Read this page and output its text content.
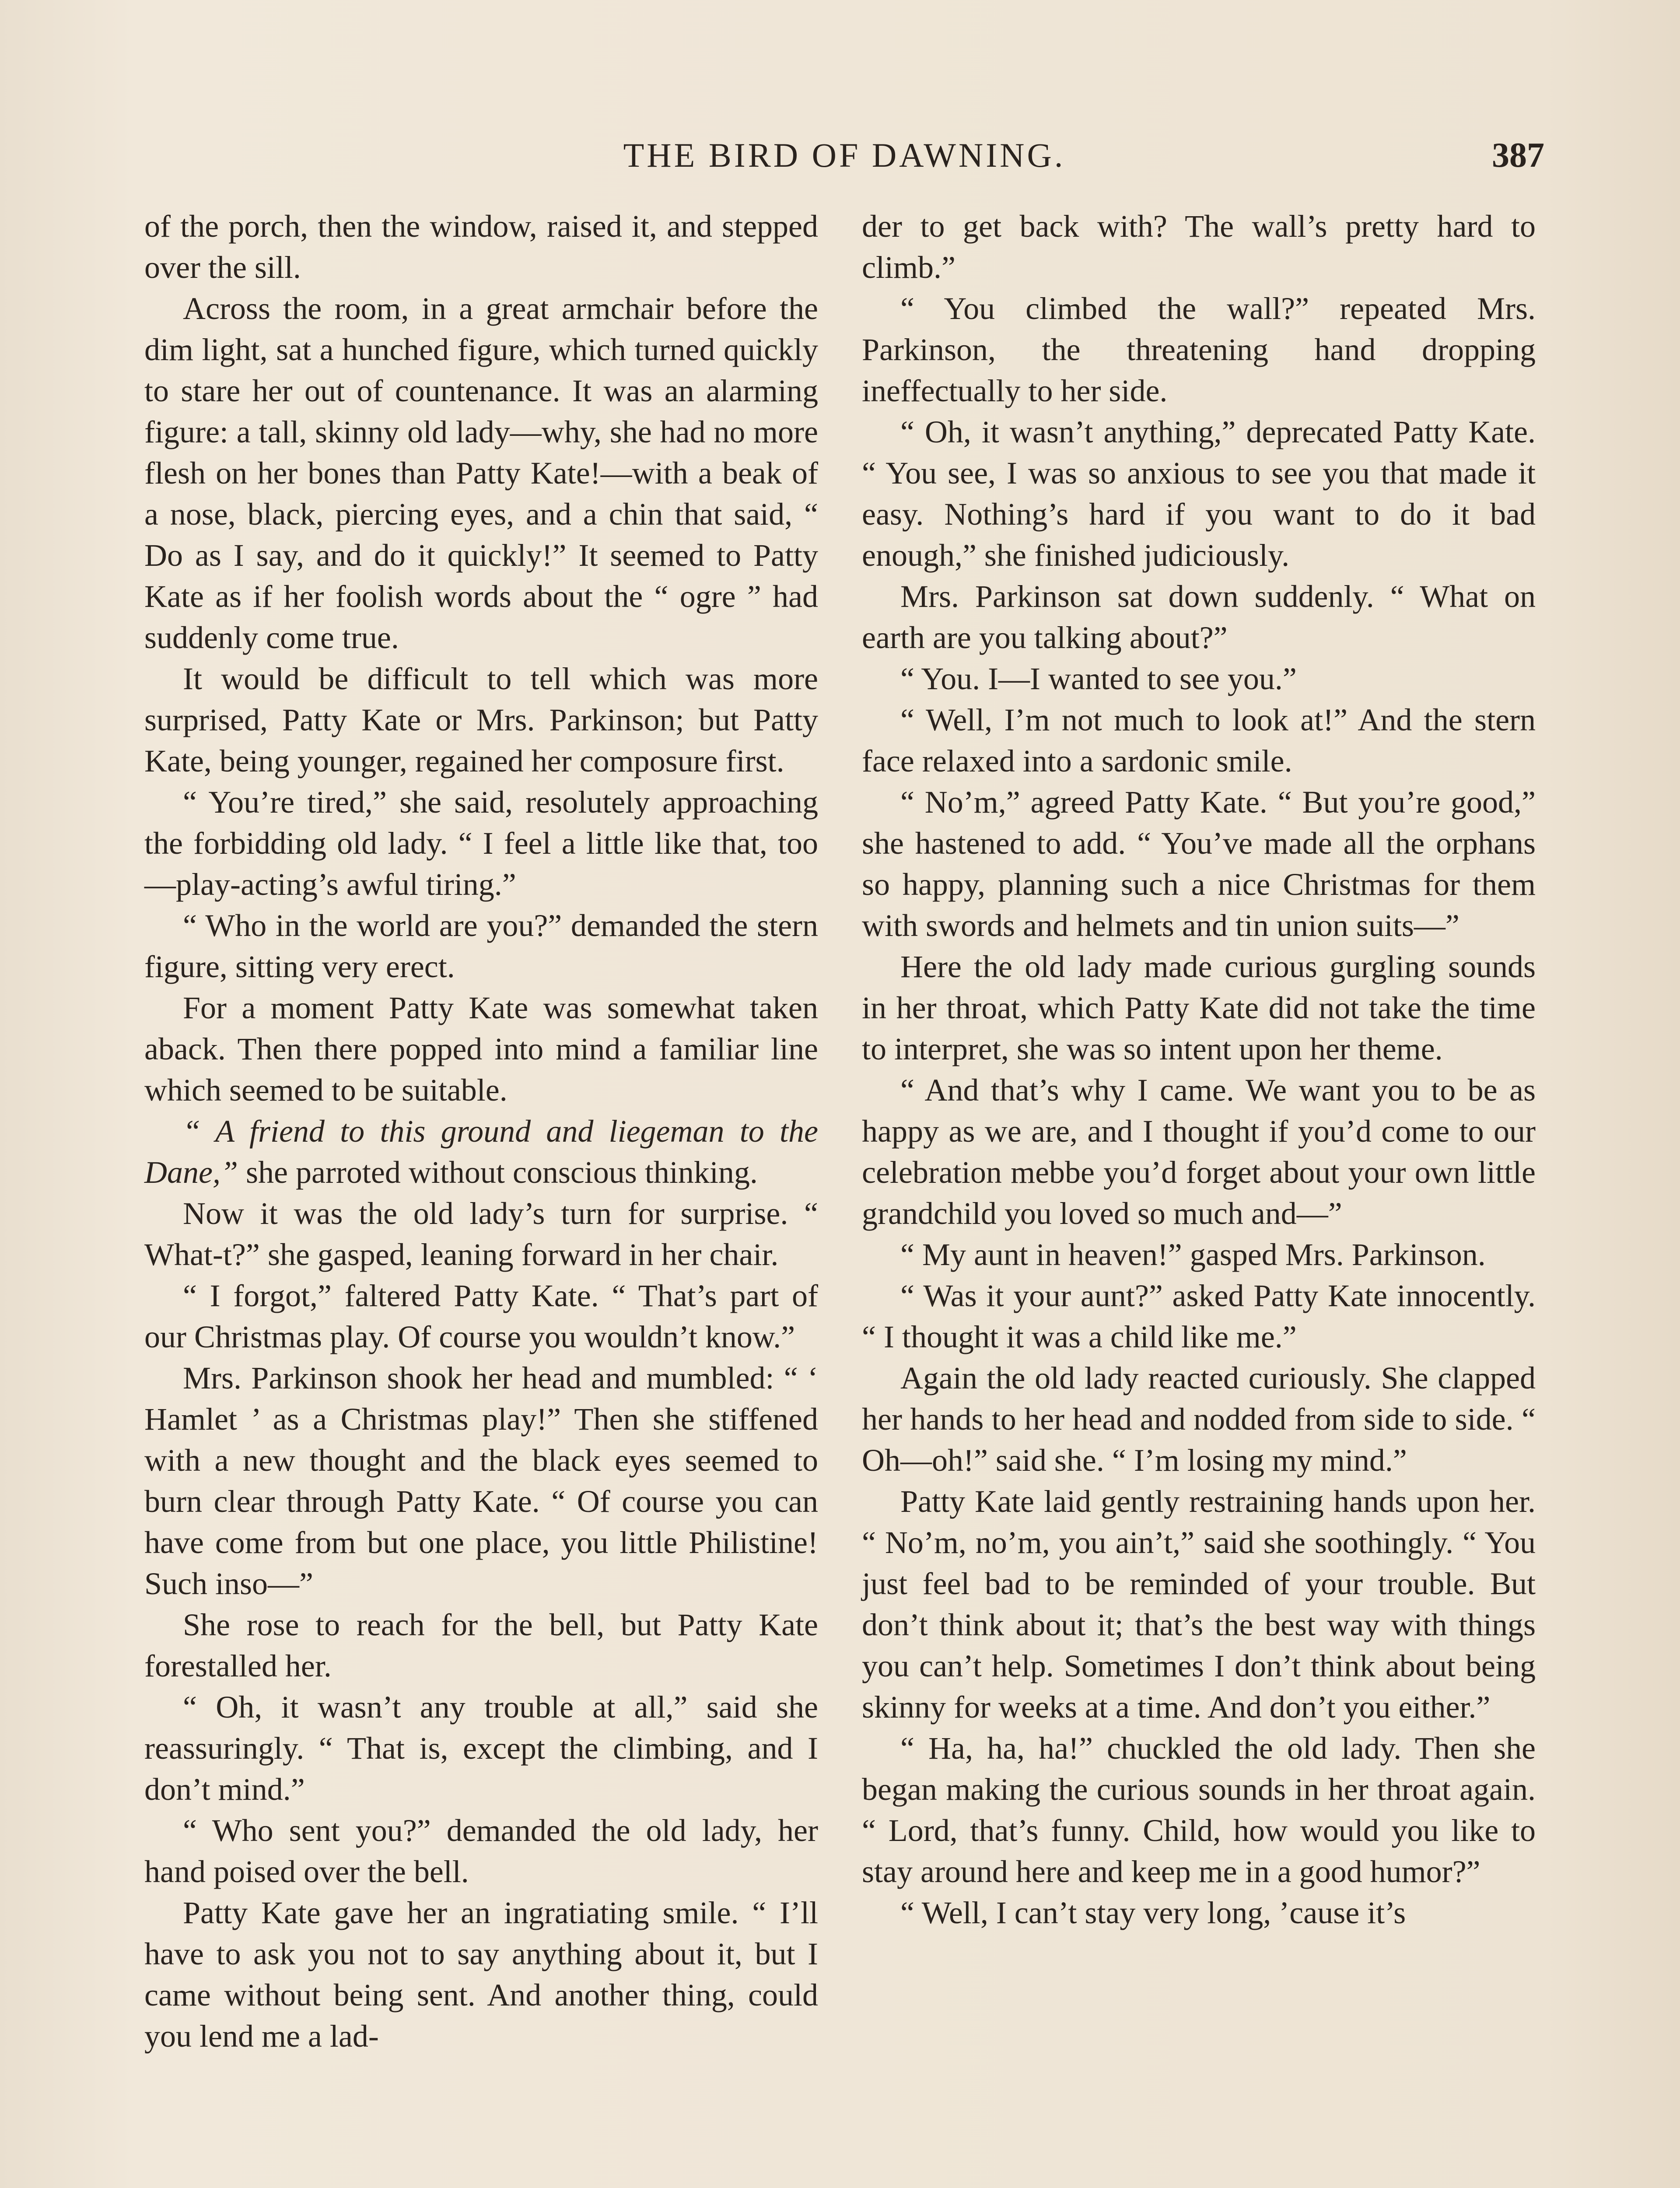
THE BIRD OF DAWNING.	387

of the porch, then the window, raised it, and stepped over the sill.

Across the room, in a great armchair before the dim light, sat a hunched figure, which turned quickly to stare her out of countenance. It was an alarming figure: a tall, skinny old lady—why, she had no more flesh on her bones than Patty Kate!—with a beak of a nose, black, piercing eyes, and a chin that said, “ Do as I say, and do it quickly!” It seemed to Patty Kate as if her foolish words about the “ ogre ” had suddenly come true.

It would be difficult to tell which was more surprised, Patty Kate or Mrs. Parkinson; but Patty Kate, being younger, regained her composure first.

“ You’re tired,” she said, resolutely approaching the forbidding old lady. “ I feel a little like that, too—play-acting’s awful tiring.”

“ Who in the world are you?” demanded the stern figure, sitting very erect.

For a moment Patty Kate was somewhat taken aback. Then there popped into mind a familiar line which seemed to be suitable.

“ A friend to this ground and liegeman to the Dane,” she parroted without conscious thinking.

Now it was the old lady’s turn for surprise. “ What-t?” she gasped, leaning forward in her chair.

“ I forgot,” faltered Patty Kate. “ That’s part of our Christmas play. Of course you wouldn’t know.”

Mrs. Parkinson shook her head and mumbled: “ ‘ Hamlet ’ as a Christmas play!” Then she stiffened with a new thought and the black eyes seemed to burn clear through Patty Kate. “ Of course you can have come from but one place, you little Philistine! Such inso—”

She rose to reach for the bell, but Patty Kate forestalled her.

“ Oh, it wasn’t any trouble at all,” said she reassuringly. “ That is, except the climbing, and I don’t mind.”

“ Who sent you?” demanded the old lady, her hand poised over the bell.

Patty Kate gave her an ingratiating smile. “ I’ll have to ask you not to say anything about it, but I came without being sent. And another thing, could you lend me a lad-

der to get back with? The wall’s pretty hard to climb.”

“ You climbed the wall?” repeated Mrs. Parkinson, the threatening hand dropping ineffectually to her side.

“ Oh, it wasn’t anything,” deprecated Patty Kate. “ You see, I was so anxious to see you that made it easy. Nothing’s hard if you want to do it bad enough,” she finished judiciously.

Mrs. Parkinson sat down suddenly. “ What on earth are you talking about?”

“ You. I—I wanted to see you.”

“ Well, I’m not much to look at!” And the stern face relaxed into a sardonic smile.

“ No’m,” agreed Patty Kate. “ But you’re good,” she hastened to add. “ You’ve made all the orphans so happy, planning such a nice Christmas for them with swords and helmets and tin union suits—”

Here the old lady made curious gurgling sounds in her throat, which Patty Kate did not take the time to interpret, she was so intent upon her theme.

“ And that’s why I came. We want you to be as happy as we are, and I thought if you’d come to our celebration mebbe you’d forget about your own little grandchild you loved so much and—”

“ My aunt in heaven!” gasped Mrs. Parkinson.

“ Was it your aunt?” asked Patty Kate innocently. “ I thought it was a child like me.”

Again the old lady reacted curiously. She clapped her hands to her head and nodded from side to side. “ Oh—oh!” said she. “ I’m losing my mind.”

Patty Kate laid gently restraining hands upon her. “ No’m, no’m, you ain’t,” said she soothingly. “ You just feel bad to be reminded of your trouble. But don’t think about it; that’s the best way with things you can’t help. Sometimes I don’t think about being skinny for weeks at a time. And don’t you either.”

“ Ha, ha, ha!” chuckled the old lady. Then she began making the curious sounds in her throat again. “ Lord, that’s funny. Child, how would you like to stay around here and keep me in a good humor?”

“ Well, I can’t stay very long, ’cause it’s
